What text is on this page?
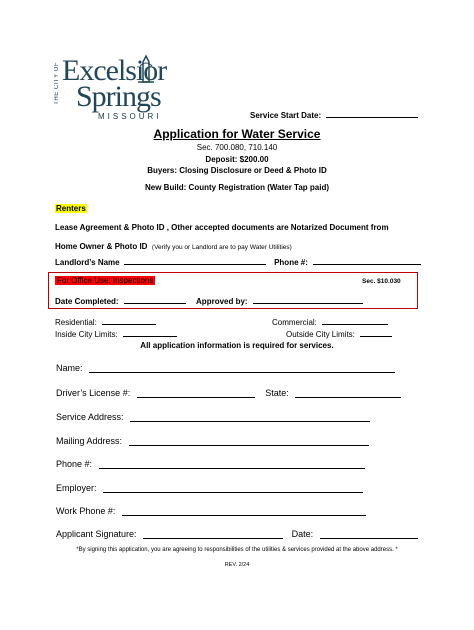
THE CITY OF Excelsior
Springs
MISSOURI	Service Start Date:
Application for Water Service
Sec. 700.080, 710.140
Deposit: $200.00
Buyers: Closing Disclosure or Deed & Photo ID
New Build: County Registration (Water Tap paid)
Renters
Lease Agreement & Photo ID , Other accepted documents are Notarized Document from
Home Owner & Photo ID (Verify you or Landlord are to pay Water Utilities)
Landlord’s Name	Phone #:
For Office Use: Inspections	Sec. $10.030
Date Completed:	Approved by:
Residential:	Commercial:
Inside City Limits:	Outside City Limits:
All application information is required for services.
Name:
Driver’s License #:	State:
Service Address:
Mailing Address:
Phone #:
Employer:
Work Phone #:
Applicant Signature:	Date:
*By signing this application, you are agreeing to responsibilities of the utilities & services provided at the above address. *
REV. 2/24
